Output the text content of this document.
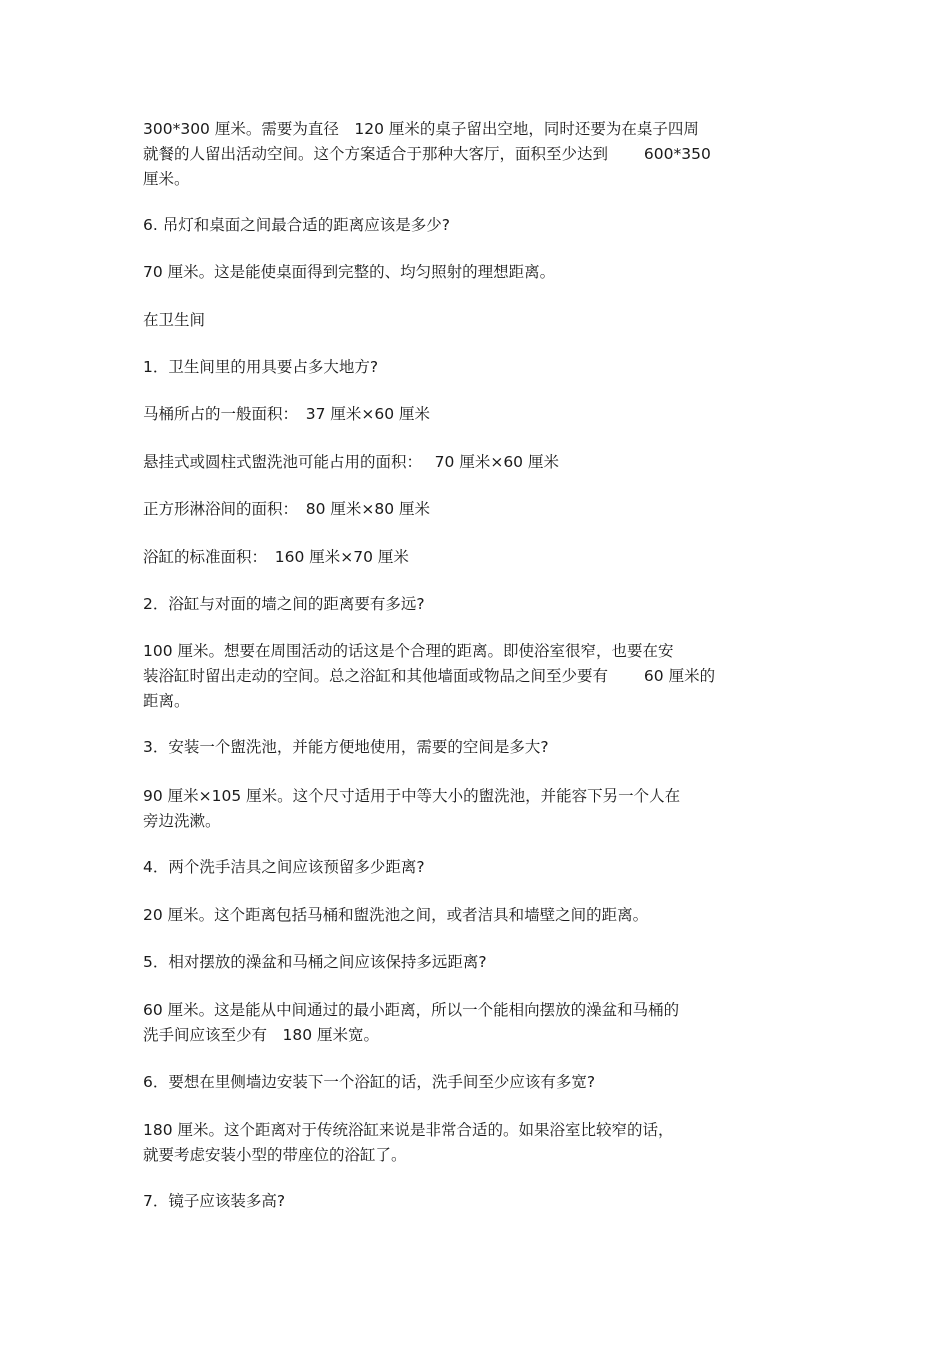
300*300 厘米。需要为直径　120 厘米的桌子留出空地，同时还要为在桌子四周
就餐的人留出活动空间。这个方案适合于那种大客厅，面积至少达到　　 600*350
厘米。
6. 吊灯和桌面之间最合适的距离应该是多少?
70 厘米。这是能使桌面得到完整的、均匀照射的理想距离。
在卫生间
1．卫生间里的用具要占多大地方?
马桶所占的一般面积：　37 厘米×60 厘米
悬挂式或圆柱式盥洗池可能占用的面积：　 70 厘米×60 厘米
正方形淋浴间的面积：　80 厘米×80 厘米
浴缸的标准面积：　160 厘米×70 厘米
2．浴缸与对面的墙之间的距离要有多远?
100 厘米。想要在周围活动的话这是个合理的距离。即使浴室很窄，也要在安
装浴缸时留出走动的空间。总之浴缸和其他墙面或物品之间至少要有　　 60 厘米的
距离。
3．安装一个盥洗池，并能方便地使用，需要的空间是多大?
90 厘米×105 厘米。这个尺寸适用于中等大小的盥洗池，并能容下另一个人在
旁边洗漱。
4．两个洗手洁具之间应该预留多少距离?
20 厘米。这个距离包括马桶和盥洗池之间，或者洁具和墙壁之间的距离。
5．相对摆放的澡盆和马桶之间应该保持多远距离?
60 厘米。这是能从中间通过的最小距离，所以一个能相向摆放的澡盆和马桶的
洗手间应该至少有　180 厘米宽。
6．要想在里侧墙边安装下一个浴缸的话，洗手间至少应该有多宽?
180 厘米。这个距离对于传统浴缸来说是非常合适的。如果浴室比较窄的话，
就要考虑安装小型的带座位的浴缸了。
7．镜子应该装多高?
